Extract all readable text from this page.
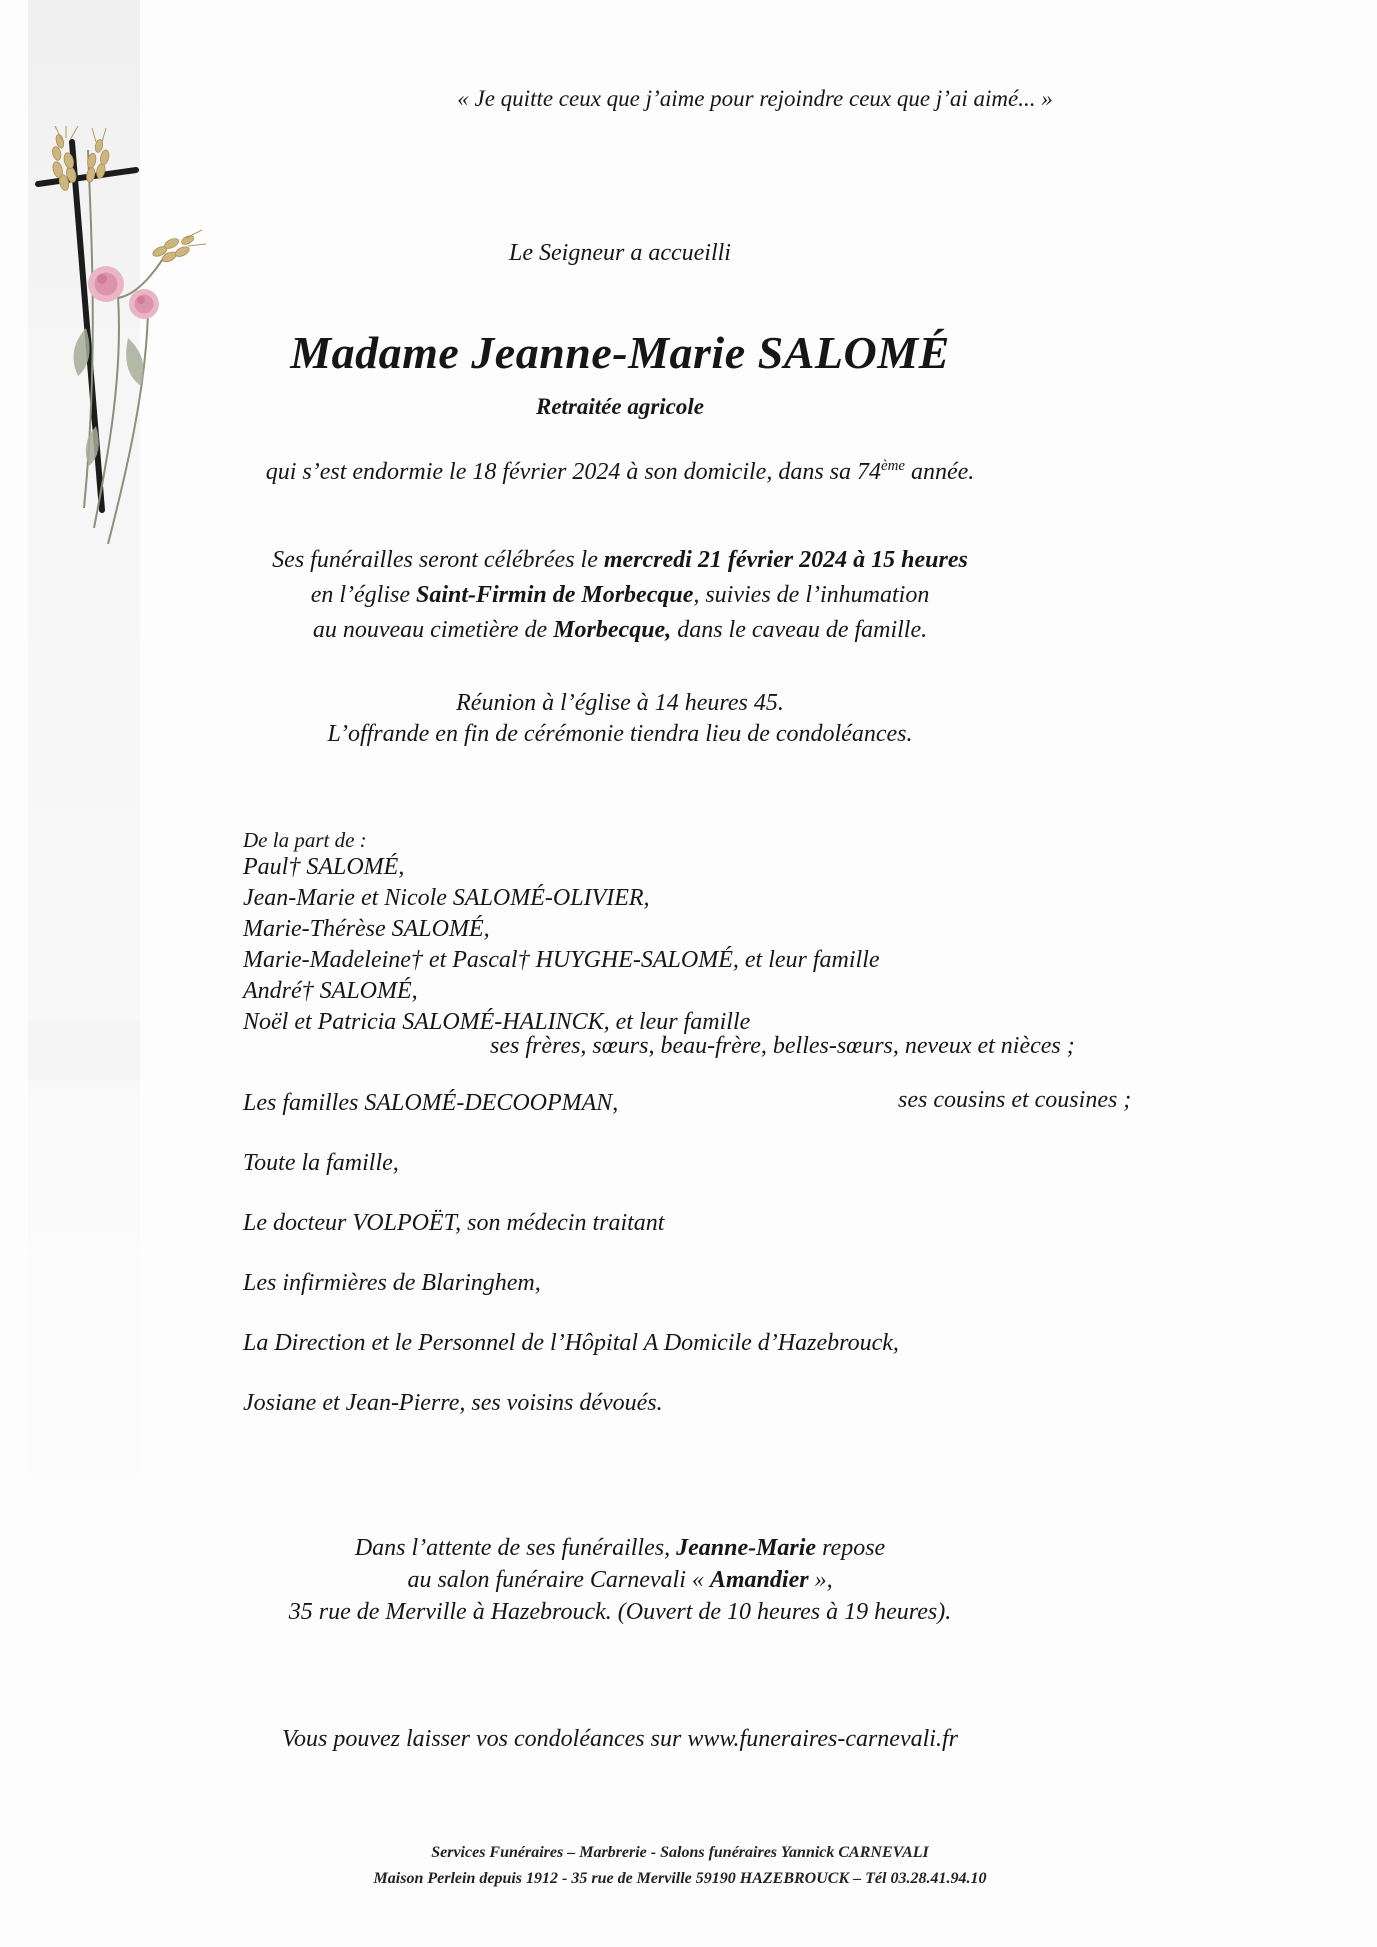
« Je quitte ceux que j’aime pour rejoindre ceux que j’ai aimé... »
Le Seigneur a accueilli
Madame Jeanne-Marie SALOMÉ
Retraitée agricole
qui s’est endormie le 18 février 2024 à son domicile, dans sa 74ème année.
Ses funérailles seront célébrées le mercredi 21 février 2024 à 15 heures
en l’église Saint-Firmin de Morbecque, suivies de l’inhumation
au nouveau cimetière de Morbecque, dans le caveau de famille.
Réunion à l’église à 14 heures 45.
L’offrande en fin de cérémonie tiendra lieu de condoléances.
De la part de :
Paul† SALOMÉ,
Jean-Marie et Nicole SALOMÉ-OLIVIER,
Marie-Thérèse SALOMÉ,
Marie-Madeleine† et Pascal† HUYGHE-SALOMÉ, et leur famille
André† SALOMÉ,
Noël et Patricia SALOMÉ-HALINCK, et leur famille
ses frères, sœurs, beau-frère, belles-sœurs, neveux et nièces ;
Les familles SALOMÉ-DECOOPMAN,	ses cousins et cousines ;
Toute la famille,
Le docteur VOLPOËT, son médecin traitant
Les infirmières de Blaringhem,
La Direction et le Personnel de l’Hôpital A Domicile d’Hazebrouck,
Josiane et Jean-Pierre, ses voisins dévoués.
Dans l’attente de ses funérailles, Jeanne-Marie repose
au salon funéraire Carnevali « Amandier »,
35 rue de Merville à Hazebrouck. (Ouvert de 10 heures à 19 heures).
Vous pouvez laisser vos condoléances sur www.funeraires-carnevali.fr
Services Funéraires – Marbrerie - Salons funéraires Yannick CARNEVALI
Maison Perlein depuis 1912 - 35 rue de Merville 59190 HAZEBROUCK – Tél 03.28.41.94.10
